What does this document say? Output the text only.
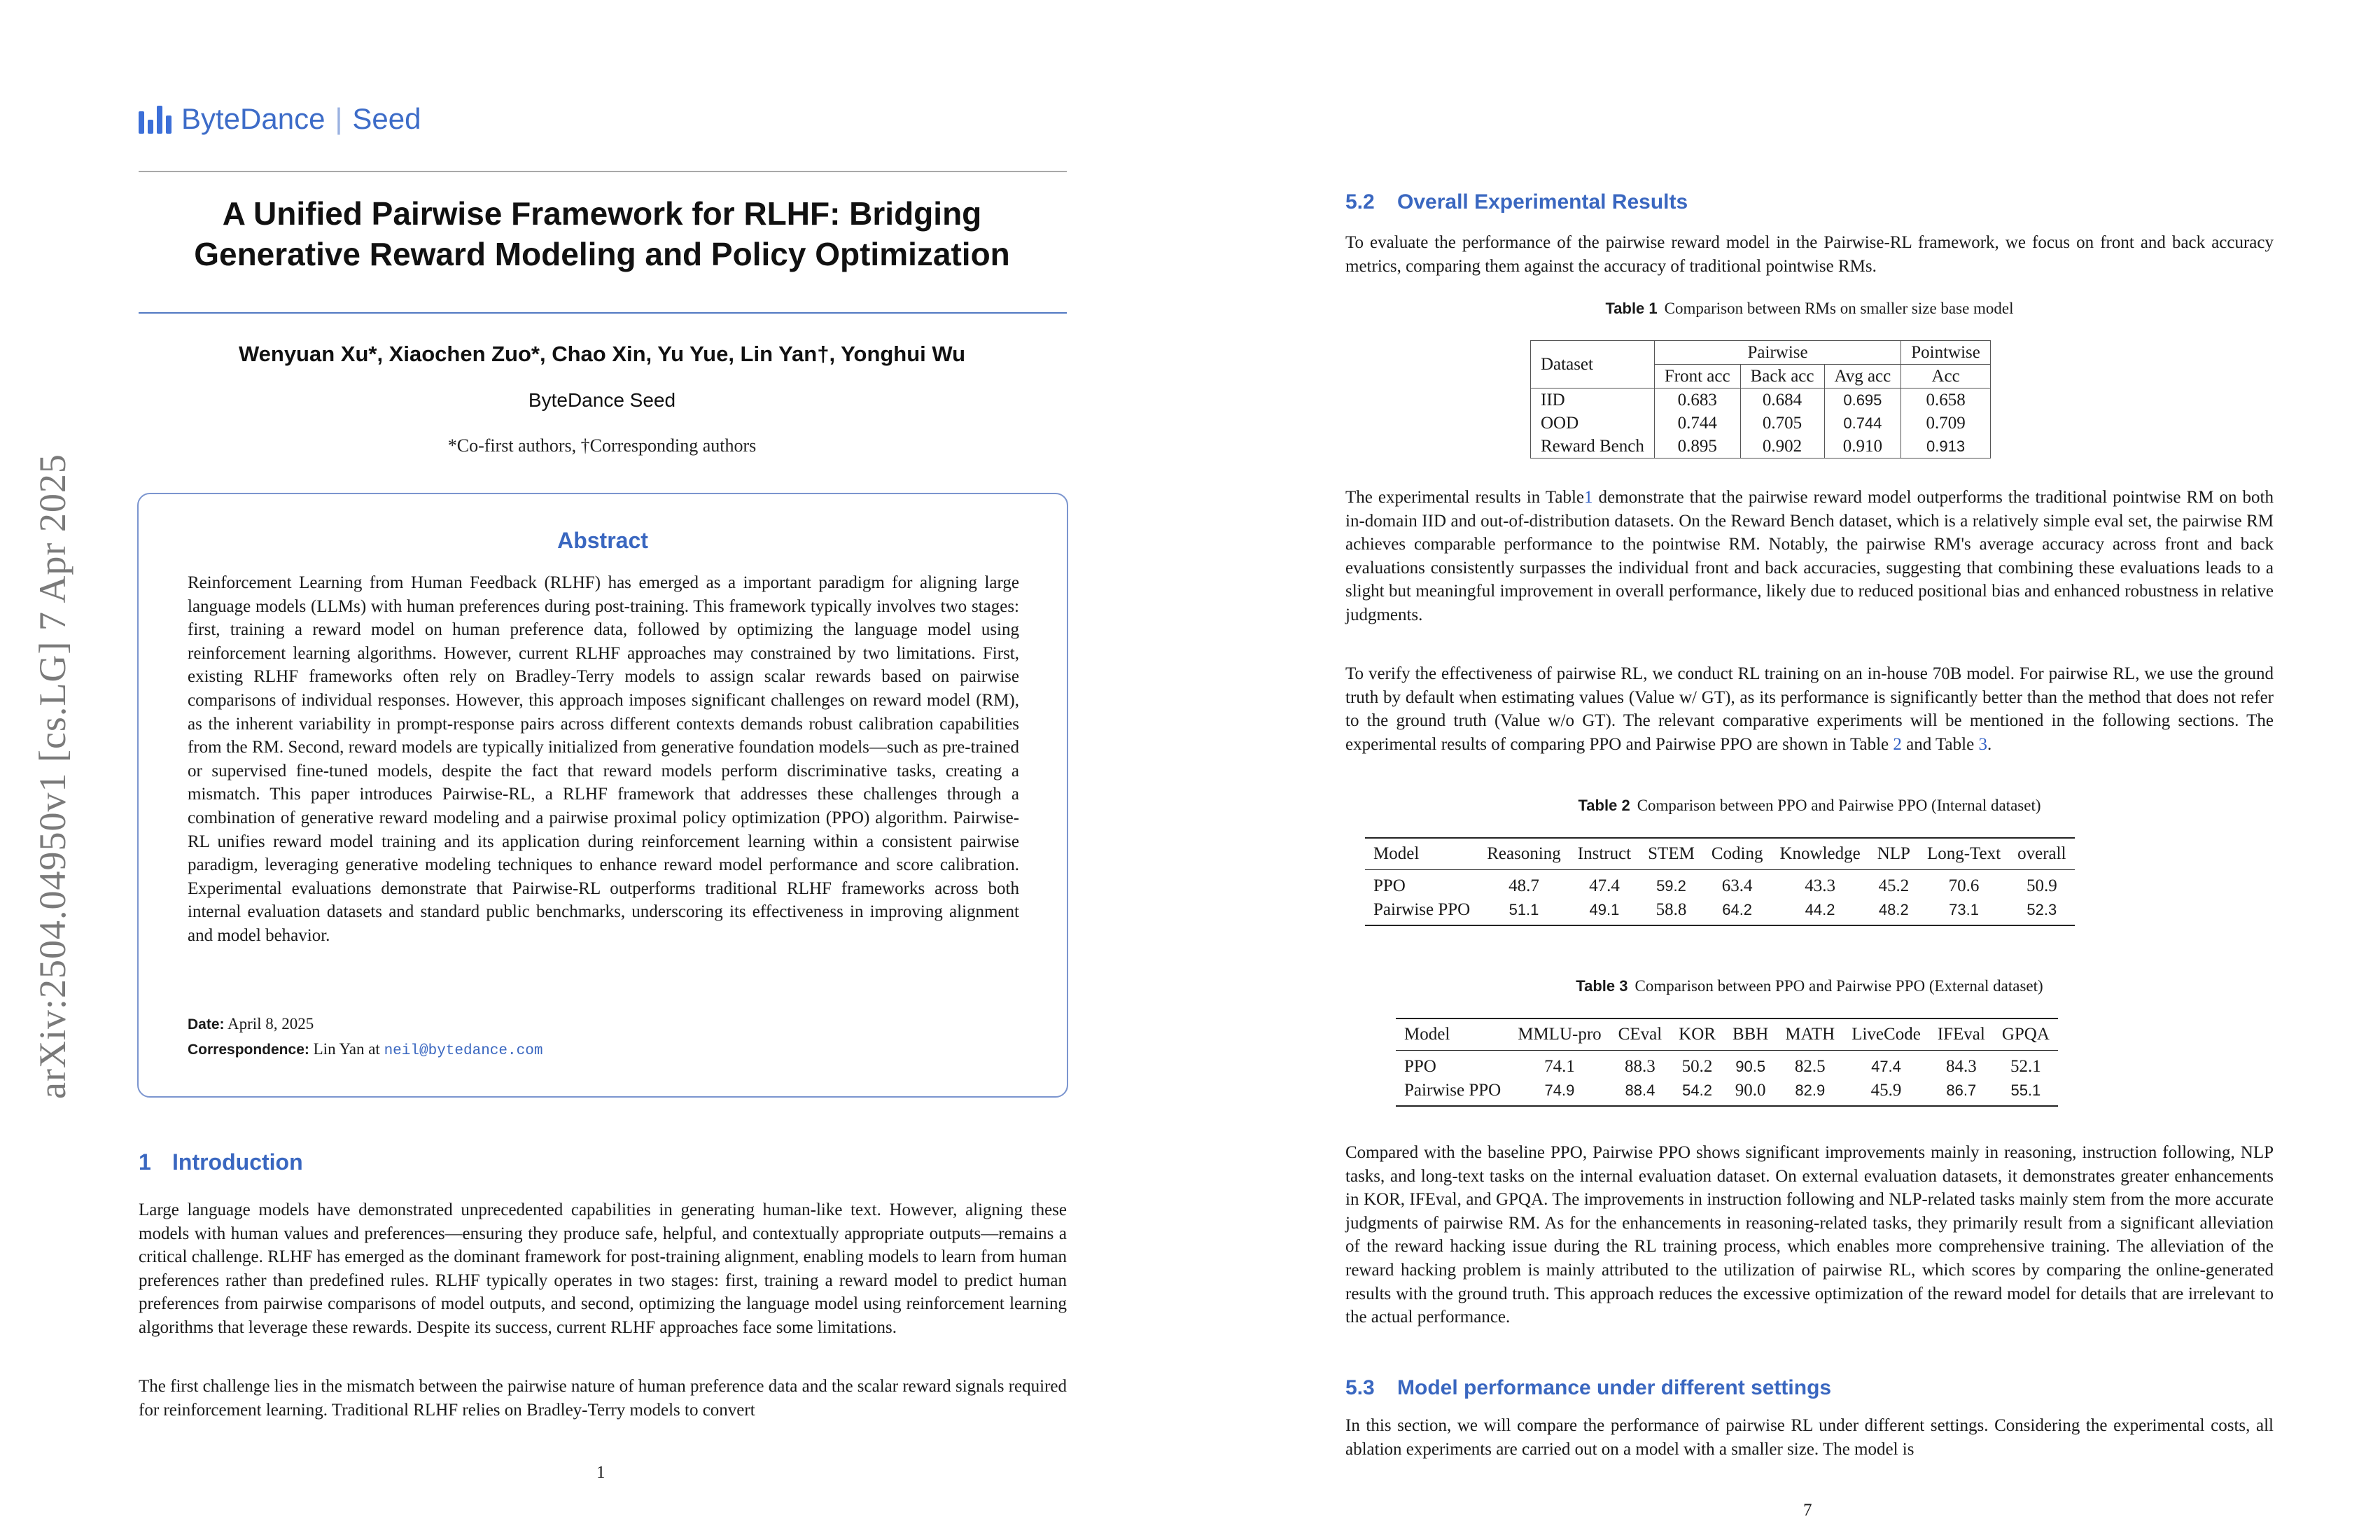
arXiv:2504.04950v1 [cs.LG] 7 Apr 2025
ByteDance | Seed
A Unified Pairwise Framework for RLHF: Bridging
Generative Reward Modeling and Policy Optimization
Wenyuan Xu*, Xiaochen Zuo*, Chao Xin, Yu Yue, Lin Yan†, Yonghui Wu
ByteDance Seed
*Co-first authors, †Corresponding authors
Abstract
Reinforcement Learning from Human Feedback (RLHF) has emerged as a important paradigm for aligning large language models (LLMs) with human preferences during post-training. This framework typically involves two stages: first, training a reward model on human preference data, followed by optimizing the language model using reinforcement learning algorithms. However, current RLHF approaches may constrained by two limitations. First, existing RLHF frameworks often rely on Bradley-Terry models to assign scalar rewards based on pairwise comparisons of individual responses. However, this approach imposes significant challenges on reward model (RM), as the inherent variability in prompt-response pairs across different contexts demands robust calibration capabilities from the RM. Second, reward models are typically initialized from generative foundation models—such as pre-trained or supervised fine-tuned models, despite the fact that reward models perform discriminative tasks, creating a mismatch. This paper introduces Pairwise-RL, a RLHF framework that addresses these challenges through a combination of generative reward modeling and a pairwise proximal policy optimization (PPO) algorithm. Pairwise-RL unifies reward model training and its application during reinforcement learning within a consistent pairwise paradigm, leveraging generative modeling techniques to enhance reward model performance and score calibration. Experimental evaluations demonstrate that Pairwise-RL outperforms traditional RLHF frameworks across both internal evaluation datasets and standard public benchmarks, underscoring its effectiveness in improving alignment and model behavior.
Date: April 8, 2025
Correspondence: Lin Yan at neil@bytedance.com
1 Introduction
Large language models have demonstrated unprecedented capabilities in generating human-like text. However, aligning these models with human values and preferences—ensuring they produce safe, helpful, and contextually appropriate outputs—remains a critical challenge. RLHF has emerged as the dominant framework for post-training alignment, enabling models to learn from human preferences rather than predefined rules. RLHF typically operates in two stages: first, training a reward model to predict human preferences from pairwise comparisons of model outputs, and second, optimizing the language model using reinforcement learning algorithms that leverage these rewards. Despite its success, current RLHF approaches face some limitations.
The first challenge lies in the mismatch between the pairwise nature of human preference data and the scalar reward signals required for reinforcement learning. Traditional RLHF relies on Bradley-Terry models to convert
1
5.2 Overall Experimental Results
To evaluate the performance of the pairwise reward model in the Pairwise-RL framework, we focus on front and back accuracy metrics, comparing them against the accuracy of traditional pointwise RMs.
Table 1 Comparison between RMs on smaller size base model
Dataset	Pairwise			Pointwise
	Front acc	Back acc	Avg acc	Acc
IID	0.683	0.684	0.695	0.658
OOD	0.744	0.705	0.744	0.709
Reward Bench	0.895	0.902	0.910	0.913
The experimental results in Table1 demonstrate that the pairwise reward model outperforms the traditional pointwise RM on both in-domain IID and out-of-distribution datasets. On the Reward Bench dataset, which is a relatively simple eval set, the pairwise RM achieves comparable performance to the pointwise RM. Notably, the pairwise RM's average accuracy across front and back evaluations consistently surpasses the individual front and back accuracies, suggesting that combining these evaluations leads to a slight but meaningful improvement in overall performance, likely due to reduced positional bias and enhanced robustness in relative judgments.
To verify the effectiveness of pairwise RL, we conduct RL training on an in-house 70B model. For pairwise RL, we use the ground truth by default when estimating values (Value w/ GT), as its performance is significantly better than the method that does not refer to the ground truth (Value w/o GT). The relevant comparative experiments will be mentioned in the following sections. The experimental results of comparing PPO and Pairwise PPO are shown in Table 2 and Table 3.
Table 2 Comparison between PPO and Pairwise PPO (Internal dataset)
Model	Reasoning	Instruct	STEM	Coding	Knowledge	NLP	Long-Text	overall
PPO	48.7	47.4	59.2	63.4	43.3	45.2	70.6	50.9
Pairwise PPO	51.1	49.1	58.8	64.2	44.2	48.2	73.1	52.3
Table 3 Comparison between PPO and Pairwise PPO (External dataset)
Model	MMLU-pro	CEval	KOR	BBH	MATH	LiveCode	IFEval	GPQA
PPO	74.1	88.3	50.2	90.5	82.5	47.4	84.3	52.1
Pairwise PPO	74.9	88.4	54.2	90.0	82.9	45.9	86.7	55.1
Compared with the baseline PPO, Pairwise PPO shows significant improvements mainly in reasoning, instruction following, NLP tasks, and long-text tasks on the internal evaluation dataset. On external evaluation datasets, it demonstrates greater enhancements in KOR, IFEval, and GPQA. The improvements in instruction following and NLP-related tasks mainly stem from the more accurate judgments of pairwise RM. As for the enhancements in reasoning-related tasks, they primarily result from a significant alleviation of the reward hacking issue during the RL training process, which enables more comprehensive training. The alleviation of the reward hacking problem is mainly attributed to the utilization of pairwise RL, which scores by comparing the online-generated results with the ground truth. This approach reduces the excessive optimization of the reward model for details that are irrelevant to the actual performance.
5.3 Model performance under different settings
In this section, we will compare the performance of pairwise RL under different settings. Considering the experimental costs, all ablation experiments are carried out on a model with a smaller size. The model is
7
